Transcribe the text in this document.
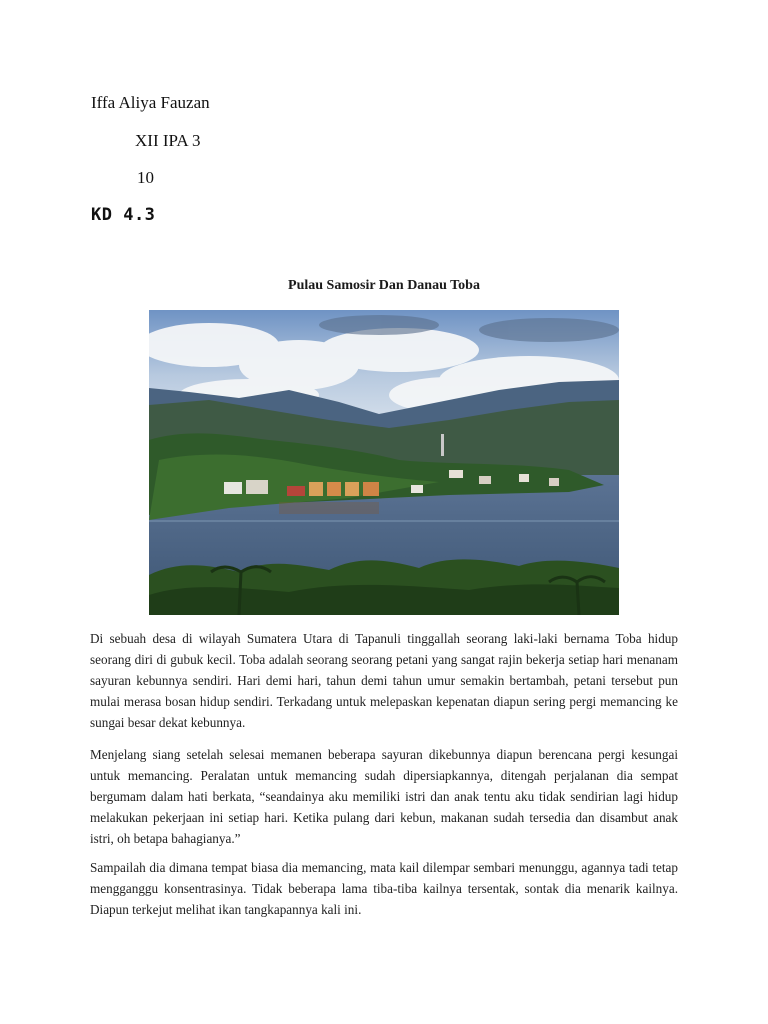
Iffa Aliya Fauzan
XII IPA 3
10
KD 4.3
Pulau Samosir Dan Danau Toba

Di sebuah desa di wilayah Sumatera Utara di Tapanuli tinggallah seorang laki-laki bernama Toba hidup seorang diri di gubuk kecil. Toba adalah seorang seorang petani yang sangat rajin bekerja setiap hari menanam sayuran kebunnya sendiri. Hari demi hari, tahun demi tahun umur semakin bertambah, petani tersebut pun mulai merasa bosan hidup sendiri. Terkadang untuk melepaskan kepenatan diapun sering pergi memancing ke sungai besar dekat kebunnya.

Menjelang siang setelah selesai memanen beberapa sayuran dikebunnya diapun berencana pergi kesungai untuk memancing. Peralatan untuk memancing sudah dipersiapkannya, ditengah perjalanan dia sempat bergumam dalam hati berkata, “seandainya aku memiliki istri dan anak tentu aku tidak sendirian lagi hidup melakukan pekerjaan ini setiap hari. Ketika pulang dari kebun, makanan sudah tersedia dan disambut anak istri, oh betapa bahagianya.”

Sampailah dia dimana tempat biasa dia memancing, mata kail dilempar sembari menunggu, agannya tadi tetap mengganggu konsentrasinya. Tidak beberapa lama tiba-tiba kailnya tersentak, sontak dia menarik kailnya. Diapun terkejut melihat ikan tangkapannya kali ini.
